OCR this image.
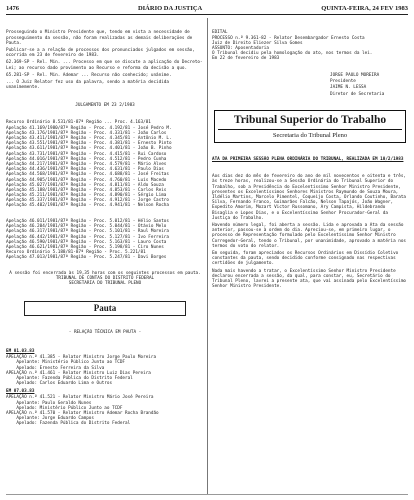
1476	DIÁRIO DA JUSTIÇA	QUINTA-FEIRA, 24 FEV 1983

Prosseguindo o Ministro Presidente que, tendo em vista a necessidade de prosseguimento da sessão, não foram realizadas as demais deliberações de Pauta.
Publicar-se a a relação de processos dos pronunciados julgados em sessão, ocorrida em 23 de fevereiro de 1983.
62.369-SP - Rel. Min. ... Processo em que se discute a aplicação do Decreto-Lei; ao recurso dado provimento ao Recurso e reforma da decisão a quo.
65.281-SP - Rel. Min. Ademar ... Recurso não conhecido; unânime.
... O Juiz Relator fez uso da palavra, sendo a matéria decidida unanimemente.

JULGAMENTO EM 23 2/1983

Recurso Ordinário 8.531/81-87ª Região ... Proc. 4.163/81
Apelação 41.169/1980/87ª Região - Proc. 4.192/81 - José Pedro M.
Apelação 43.176/1981/87ª Região - Proc. 4.331/81 - João Carlos
Apelação 43.411/1981/87ª Região - Proc. 4.345/81 - Antônio M. L.
Apelação 43.551/1981/87ª Região - Proc. 4.381/81 - Ernesto Pinto
Apelação 43.611/1981/87ª Região - Proc. 4.401/81 - João B. Pinho
Apelação 43.731/1981/87ª Região - Proc. 4.415/81 - Rui Cardoso
Apelação 44.016/1981/87ª Região - Proc. 4.512/81 - Pedro Cunha
Apelação 44.217/1981/87ª Região - Proc. 4.579/81 - Mário Alves
Apelação 44.436/1981/87ª Região - Proc. 4.631/81 - Paulo Dias
Apelação 44.568/1981/87ª Região - Proc. 4.688/81 - José Freitas
Apelação 44.905/1981/87ª Região - Proc. 4.760/81 - Luís Macedo
Apelação 45.027/1981/87ª Região - Proc. 4.811/81 - Aldo Souza
Apelação 45.188/1981/87ª Região - Proc. 4.853/81 - Carlos Reis
Apelação 45.211/1981/87ª Região - Proc. 4.890/81 - Sérgio Lima
Apelação 45.337/1981/87ª Região - Proc. 4.912/81 - Jorge Castro
Apelação 45.402/1981/87ª Região - Proc. 4.941/81 - Nelson Rocha

Apelação 46.011/1981/87ª Região - Proc. 5.012/81 - Hélio Santos
Apelação 46.204/1981/87ª Região - Proc. 5.044/81 - Otávio Melo
Apelação 46.317/1981/87ª Região - Proc. 5.101/81 - Raul Moreira
Apelação 46.442/1981/87ª Região - Proc. 5.127/81 - Ivo Ferreira
Apelação 46.590/1981/87ª Região - Proc. 5.163/81 - Lauro Costa
Apelação 46.621/1981/87ª Região - Proc. 5.198/81 - Ciro Nunes
Recurso Ordinário 5.188/81-87ª Região - Proc. 5.221/81
Apelação 47.013/1981/87ª Região - Proc. 5.247/81 - Davi Borges

A sessão foi encerrada às 19,35 horas com os seguintes processos em pauta.
TRIBUNAL DE CONTAS DO DISTRITO FEDERAL
SECRETARIA DO TRIBUNAL PLENO

Pauta

- RELAÇÃO TÉCNICA EM PAUTA -

EM 01.03.83
APELAÇÃO n.º 41.385 - Relator Ministro Jorge Paulo Moreira
Apelante: Ministério Público Junto ao TCDF
Apelado: Ernesto Ferreira da Silva
APELAÇÃO n.º 41.461 - Relator Ministro Luiz Dias Pereira
Apelante: Fazenda Pública do Distrito Federal
Apelado: Carlos Eduardo Lima e Outros
EM 07.03.83
APELAÇÃO n.º 41.521 - Relator Ministro Mário José Pereira
Apelante: Paulo Geraldo Nunes
Apelado: Ministério Público Junto ao TCDF
APELAÇÃO n.º 41.570 - Relator Ministro Ademar Rocha Brandão
Apelante: Jorge Eduardo Campos
Apelado: Fazenda Pública do Distrito Federal

EDITAL
PROCESSO n.º 9.361-82 - Relator Desembargador Ernesto Costa
Juiz de Direito Eliezer Silva Gomes
ASSUNTO: Aposentadoria
O Tribunal decidiu pela homologação do ato, nos termos da lei.
Em 22 de fevereiro de 1983

JORGE PAULO MOREIRA
Presidente
JAIME N. LESSA
Diretor de Secretaria

Tribunal Superior do Trabalho
Secretaria do Tribunal Pleno

ATA DA PRIMEIRA SESSÃO PLENA ORDINÁRIA DO TRIBUNAL, REALIZADA EM 10/2/1983

Aos dias dez do mês de fevereiro do ano de mil novecentos e oitenta e três, às treze horas, realizou-se a Sessão Ordinária do Tribunal Superior do Trabalho, sob a Presidência do Excelentíssimo Senhor Ministro Presidente, presentes os Excelentíssimos Senhores Ministros Raymundo de Souza Moura, Ildélio Martins, Marcelo Pimentel, Coqueijo Costa, Orlando Coutinho, Barata Silva, Fernando Franco, Guimarães Falcão, Nelson Tapajós, João Wagner, Expedito Amorim, Mozart Victor Russomano, Ary Campista, Hildebrando Bisaglia e Lopes Dias, e o Excelentíssimo Senhor Procurador-Geral da Justiça do Trabalho.
Havendo número legal, foi aberta a sessão. Lida e aprovada a Ata da sessão anterior, passou-se à ordem do dia. Apreciou-se, em primeiro lugar, o processo de Representação formulado pelo Excelentíssimo Senhor Ministro Corregedor-Geral, tendo o Tribunal, por unanimidade, aprovado a matéria nos termos do voto do relator.
Em seguida, foram apreciados os Recursos Ordinários em Dissídio Coletivo constantes da pauta, sendo decidido conforme consignado nas respectivas certidões de julgamento.
Nada mais havendo a tratar, o Excelentíssimo Senhor Ministro Presidente declarou encerrada a sessão, da qual, para constar, eu, Secretário do Tribunal Pleno, lavrei a presente ata, que vai assinada pelo Excelentíssimo Senhor Ministro Presidente.
